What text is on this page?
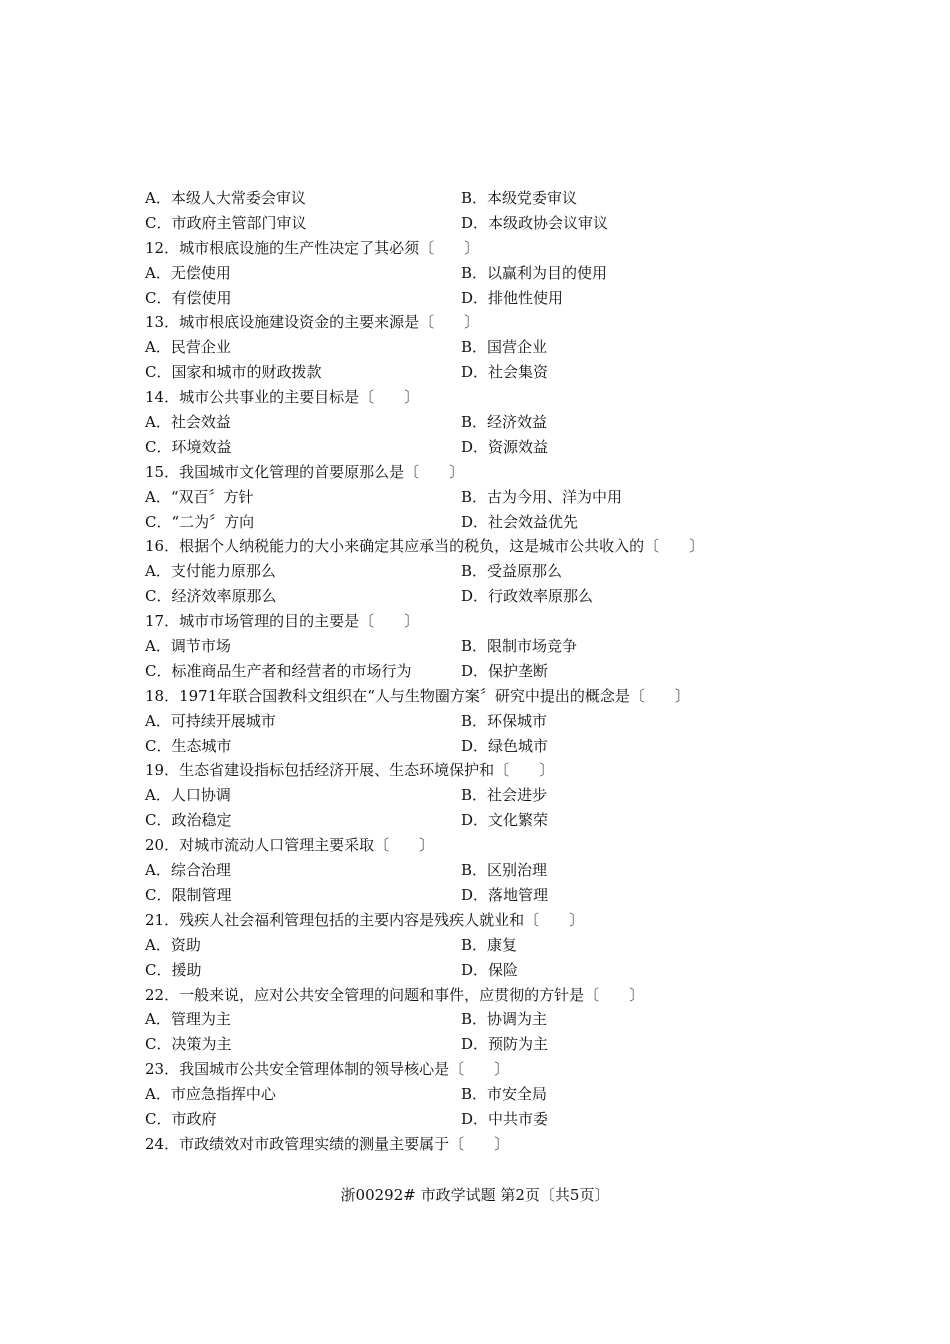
A．本级人大常委会审议	B．本级党委审议
C．市政府主管部门审议	D．本级政协会议审议
12．城市根底设施的生产性决定了其必须〔　　〕
A．无偿使用	B．以赢利为目的使用
C．有偿使用	D．排他性使用
13．城市根底设施建设资金的主要来源是〔　　〕
A．民营企业	B．国营企业
C．国家和城市的财政拨款	D．社会集资
14．城市公共事业的主要目标是〔　　〕
A．社会效益	B．经济效益
C．环境效益	D．资源效益
15．我国城市文化管理的首要原那么是〔　　〕
A．“双百〞方针	B．古为今用、洋为中用
C．“二为〞方向	D．社会效益优先
16．根据个人纳税能力的大小来确定其应承当的税负，这是城市公共收入的〔　　〕
A．支付能力原那么	B．受益原那么
C．经济效率原那么	D．行政效率原那么
17．城市市场管理的目的主要是〔　　〕
A．调节市场	B．限制市场竞争
C．标准商品生产者和经营者的市场行为	D．保护垄断
18．1971年联合国教科文组织在“人与生物圈方案〞研究中提出的概念是〔　　〕
A．可持续开展城市	B．环保城市
C．生态城市	D．绿色城市
19．生态省建设指标包括经济开展、生态环境保护和〔　　〕
A．人口协调	B．社会进步
C．政治稳定	D．文化繁荣
20．对城市流动人口管理主要采取〔　　〕
A．综合治理	B．区别治理
C．限制管理	D．落地管理
21．残疾人社会福利管理包括的主要内容是残疾人就业和〔　　〕
A．资助	B．康复
C．援助	D．保险
22．一般来说，应对公共安全管理的问题和事件，应贯彻的方针是〔　　〕
A．管理为主	B．协调为主
C．决策为主	D．预防为主
23．我国城市公共安全管理体制的领导核心是〔　　〕
A．市应急指挥中心	B．市安全局
C．市政府	D．中共市委
24．市政绩效对市政管理实绩的测量主要属于〔　　〕
浙00292# 市政学试题 第2页〔共5页〕
